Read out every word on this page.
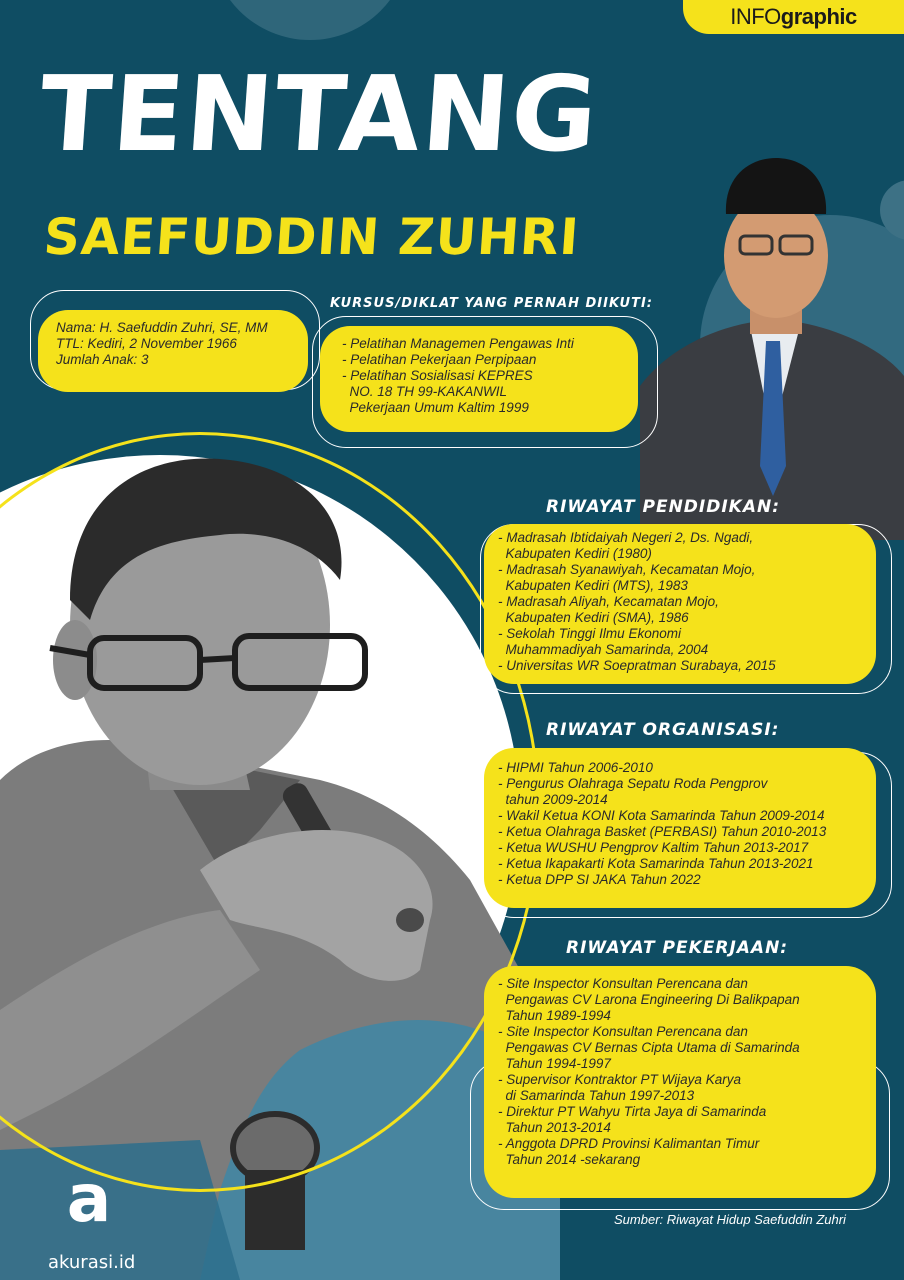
INFO graphic
TENTANG
SAEFUDDIN ZUHRI
Nama: H. Saefuddin Zuhri, SE, MM
TTL: Kediri, 2 November 1966
Jumlah Anak: 3
KURSUS/DIKLAT YANG PERNAH DIIKUTI:
- Pelatihan Managemen Pengawas Inti
- Pelatihan Pekerjaan Perpipaan
- Pelatihan Sosialisasi KEPRES
NO. 18 TH 99-KAKANWIL
Pekerjaan Umum Kaltim 1999
RIWAYAT PENDIDIKAN:
- Madrasah Ibtidaiyah Negeri 2, Ds. Ngadi,
Kabupaten Kediri (1980)
- Madrasah Syanawiyah, Kecamatan Mojo,
Kabupaten Kediri (MTS), 1983
- Madrasah Aliyah, Kecamatan Mojo,
Kabupaten Kediri (SMA), 1986
- Sekolah Tinggi Ilmu Ekonomi
Muhammadiyah Samarinda, 2004
- Universitas WR Soepratman Surabaya, 2015
RIWAYAT ORGANISASI:
- HIPMI Tahun 2006-2010
- Pengurus Olahraga Sepatu Roda Pengprov
tahun 2009-2014
- Wakil Ketua KONI Kota Samarinda Tahun 2009-2014
- Ketua Olahraga Basket (PERBASI) Tahun 2010-2013
- Ketua WUSHU Pengprov Kaltim Tahun 2013-2017
- Ketua Ikapakarti Kota Samarinda Tahun 2013-2021
- Ketua DPP SI JAKA Tahun 2022
RIWAYAT PEKERJAAN:
- Site Inspector Konsultan Perencana dan
Pengawas CV Larona Engineering Di Balikpapan
Tahun 1989-1994
- Site Inspector Konsultan Perencana dan
Pengawas CV Bernas Cipta Utama di Samarinda
Tahun 1994-1997
- Supervisor Kontraktor PT Wijaya Karya
di Samarinda Tahun 1997-2013
- Direktur PT Wahyu Tirta Jaya di Samarinda
Tahun 2013-2014
- Anggota DPRD Provinsi Kalimantan Timur
Tahun 2014 -sekarang
a
akurasi.id
Sumber: Riwayat Hidup Saefuddin Zuhri
